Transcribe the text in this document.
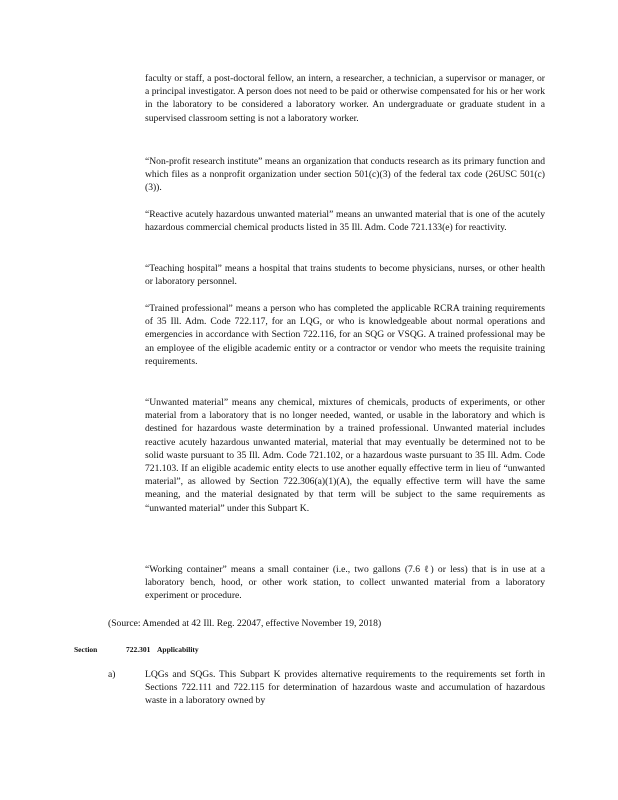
faculty or staff, a post-doctoral fellow, an intern, a researcher, a technician, a supervisor or manager, or a principal investigator. A person does not need to be paid or otherwise compensated for his or her work in the laboratory to be considered a laboratory worker. An undergraduate or graduate student in a supervised classroom setting is not a laboratory worker.

“Non-profit research institute” means an organization that conducts research as its primary function and which files as a nonprofit organization under section 501(c)(3) of the federal tax code (26USC 501(c)(3)).

“Reactive acutely hazardous unwanted material” means an unwanted material that is one of the acutely hazardous commercial chemical products listed in 35 Ill. Adm. Code 721.133(e) for reactivity.

“Teaching hospital” means a hospital that trains students to become physicians, nurses, or other health or laboratory personnel.

“Trained professional” means a person who has completed the applicable RCRA training requirements of 35 Ill. Adm. Code 722.117, for an LQG, or who is knowledgeable about normal operations and emergencies in accordance with Section 722.116, for an SQG or VSQG. A trained professional may be an employee of the eligible academic entity or a contractor or vendor who meets the requisite training requirements.

“Unwanted material” means any chemical, mixtures of chemicals, products of experiments, or other material from a laboratory that is no longer needed, wanted, or usable in the laboratory and which is destined for hazardous waste determination by a trained professional. Unwanted material includes reactive acutely hazardous unwanted material, material that may eventually be determined not to be solid waste pursuant to 35 Ill. Adm. Code 721.102, or a hazardous waste pursuant to 35 Ill. Adm. Code 721.103. If an eligible academic entity elects to use another equally effective term in lieu of “unwanted material”, as allowed by Section 722.306(a)(1)(A), the equally effective term will have the same meaning, and the material designated by that term will be subject to the same requirements as “unwanted material” under this Subpart K.

“Working container” means a small container (i.e., two gallons (7.6 ℓ) or less) that is in use at a laboratory bench, hood, or other work station, to collect unwanted material from a laboratory experiment or procedure.

(Source: Amended at 42 Ill. Reg. 22047, effective November 19, 2018)
Section	722.301 Applicability
a)	LQGs and SQGs. This Subpart K provides alternative requirements to the requirements set forth in Sections 722.111 and 722.115 for determination of hazardous waste and accumulation of hazardous waste in a laboratory owned by
